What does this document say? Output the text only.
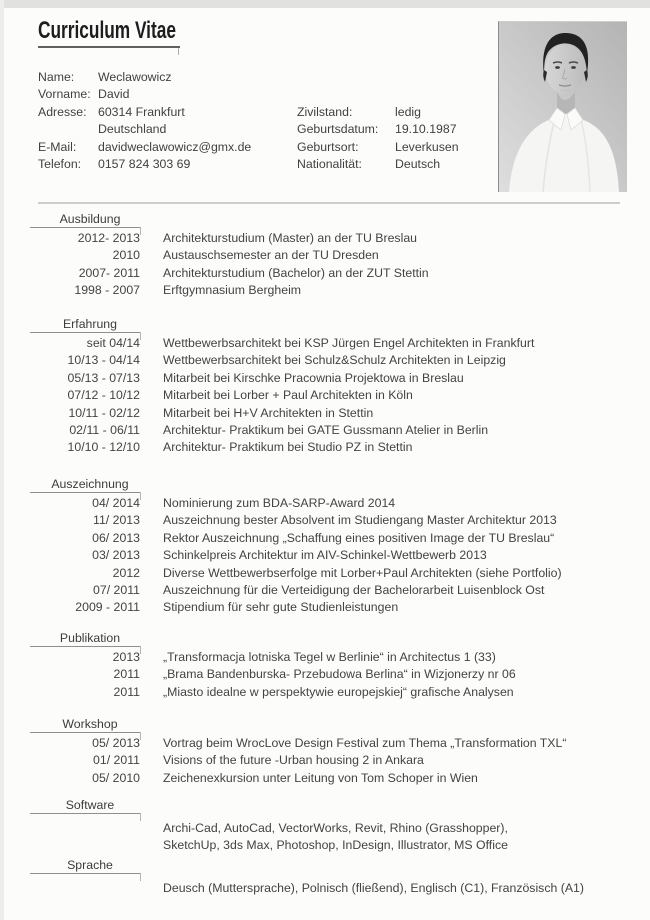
Curriculum Vitae
Name:	Weclawowicz
Vorname: David
Adresse: 60314 Frankfurt
Deutschland
E-Mail:	davidweclawowicz@gmx.de
Telefon:	0157 824 303 69
Zivilstand:	ledig
Geburtsdatum:	19.10.1987
Geburtsort:	Leverkusen
Nationalität:	Deutsch
Ausbildung
2012- 2013 Architekturstudium (Master) an der TU Breslau
2010 Austauschsemester an der TU Dresden
2007- 2011 Architekturstudium (Bachelor) an der ZUT Stettin
1998 - 2007 Erftgymnasium Bergheim
Erfahrung
seit 04/14 Wettbewerbsarchitekt bei KSP Jürgen Engel Architekten in Frankfurt
10/13 - 04/14 Wettbewerbsarchitekt bei Schulz&Schulz Architekten in Leipzig
05/13 - 07/13 Mitarbeit bei Kirschke Pracownia Projektowa in Breslau
07/12 - 10/12 Mitarbeit bei Lorber + Paul Architekten in Köln
10/11 - 02/12 Mitarbeit bei H+V Architekten in Stettin
02/11 - 06/11 Architektur- Praktikum bei GATE Gussmann Atelier in Berlin
10/10 - 12/10 Architektur- Praktikum bei Studio PZ in Stettin
Auszeichnung
04/ 2014 Nominierung zum BDA-SARP-Award 2014
11/ 2013 Auszeichnung bester Absolvent im Studiengang Master Architektur 2013
06/ 2013 Rektor Auszeichnung „Schaffung eines positiven Image der TU Breslau“
03/ 2013 Schinkelpreis Architektur im AIV-Schinkel-Wettbewerb 2013
2012 Diverse Wettbewerbserfolge mit Lorber+Paul Architekten (siehe Portfolio)
07/ 2011 Auszeichnung für die Verteidigung der Bachelorarbeit Luisenblock Ost
2009 - 2011 Stipendium für sehr gute Studienleistungen
Publikation
2013 „Transformacja lotniska Tegel w Berlinie“ in Architectus 1 (33)
2011 „Brama Bandenburska- Przebudowa Berlina“ in Wizjonerzy nr 06
2011 „Miasto idealne w perspektywie europejskiej“ grafische Analysen
Workshop
05/ 2013 Vortrag beim WrocLove Design Festival zum Thema „Transformation TXL“
01/ 2011 Visions of the future -Urban housing 2 in Ankara
05/ 2010 Zeichenexkursion unter Leitung von Tom Schoper in Wien
Software
Archi-Cad, AutoCad, VectorWorks, Revit, Rhino (Grasshopper),
SketchUp, 3ds Max, Photoshop, InDesign, Illustrator, MS Office
Sprache
Deusch (Muttersprache), Polnisch (fließend), Englisch (C1), Französisch (A1)
